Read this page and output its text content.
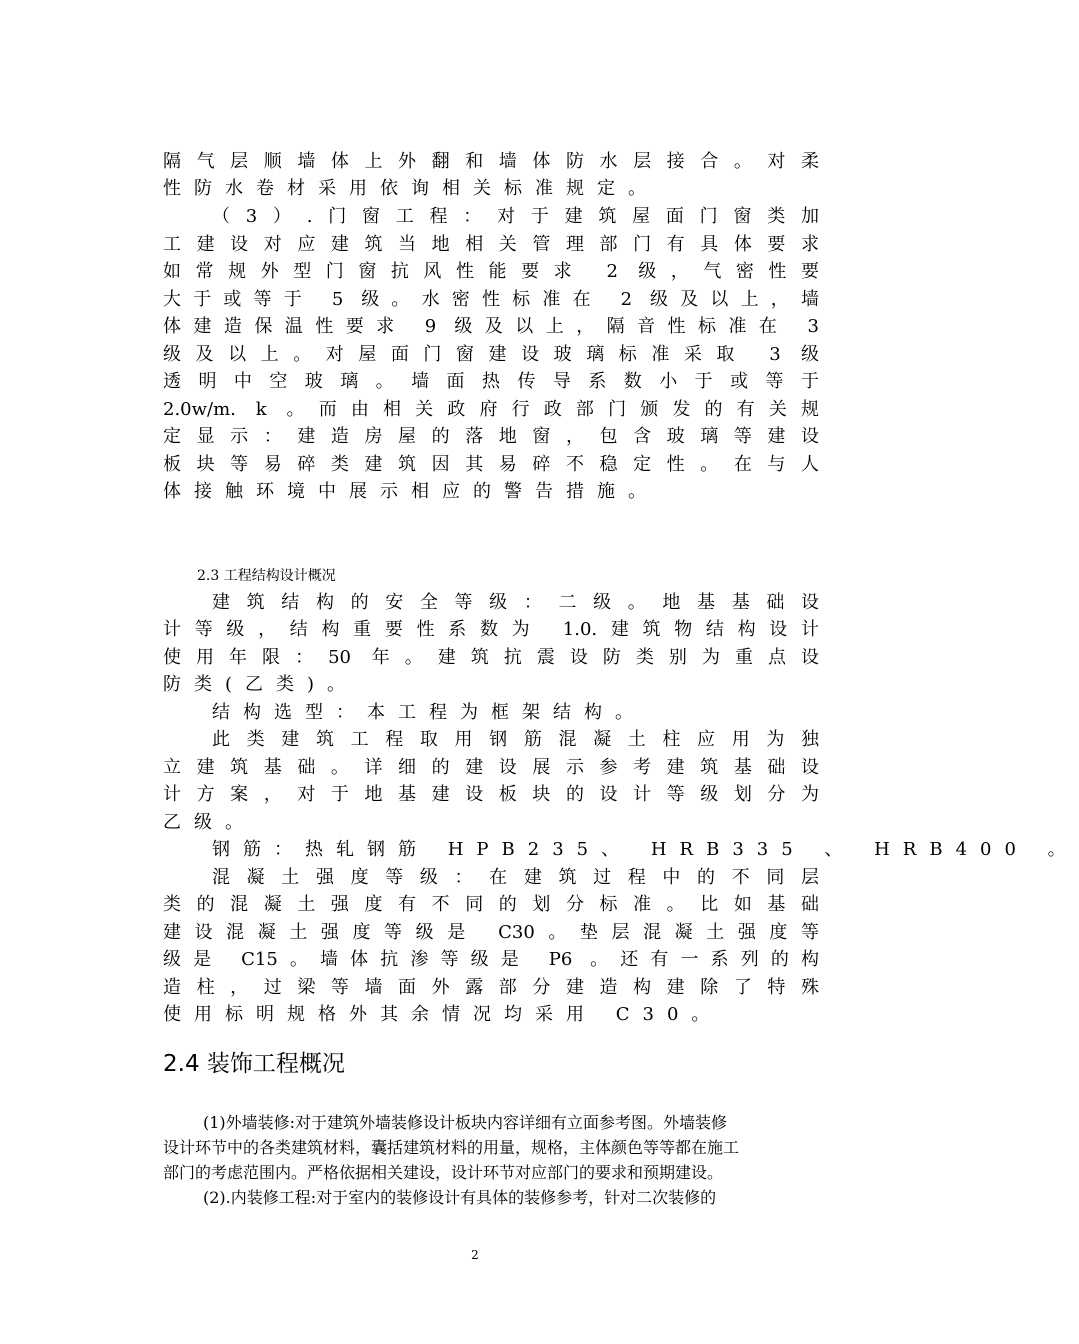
隔气层顺墙体上外翻和墙体防水层接合。对柔
性防水卷材采用依询相关标准规定。
（3）.门窗工程：对于建筑屋面门窗类加
工建设对应建筑当地相关管理部门有具体要求
如常规外型门窗抗风性能要求 2 级，气密性要
大于或等于 5 级。水密性标准在 2 级及以上，墙
体建造保温性要求 9 级及以上，隔音性标准在 3
级及以上。对屋面门窗建设玻璃标准采取 3 级
透明中空玻璃。墙面热传导系数小于或等于
2.0w/m. k 。而由相关政府行政部门颁发的有关规
定显示：建造房屋的落地窗，包含玻璃等建设
板块等易碎类建筑因其易碎不稳定性。在与人
体接触环境中展示相应的警告措施。
2.3 工程结构设计概况
建筑结构的安全等级：二级。地基基础设
计等级，结构重要性系数为 1.0.建筑物结构设计
使用年限：50 年。建筑抗震设防类别为重点设
防类(乙类)。
结构选型：本工程为框架结构。
此类建筑工程取用钢筋混凝土柱应用为独
立建筑基础。详细的建设展示参考建筑基础设
计方案，对于地基建设板块的设计等级划分为
乙级。
钢筋：热轧钢筋 HPB235、 HRB335 、 HRB400 。
混凝土强度等级：在建筑过程中的不同层
类的混凝土强度有不同的划分标准。比如基础
建设混凝土强度等级是 C30。垫层混凝土强度等
级是 C15。墙体抗渗等级是 P6 。还有一系列的构
造柱，过梁等墙面外露部分建造构建除了特殊
使用标明规格外其余情况均采用 C30。
2.4 装饰工程概况
(1)外墙装修:对于建筑外墙装修设计板块内容详细有立面参考图。外墙装修
设计环节中的各类建筑材料，囊括建筑材料的用量，规格，主体颜色等等都在施工
部门的考虑范围内。严格依据相关建设，设计环节对应部门的要求和预期建设。
(2).内装修工程:对于室内的装修设计有具体的装修参考，针对二次装修的
2
